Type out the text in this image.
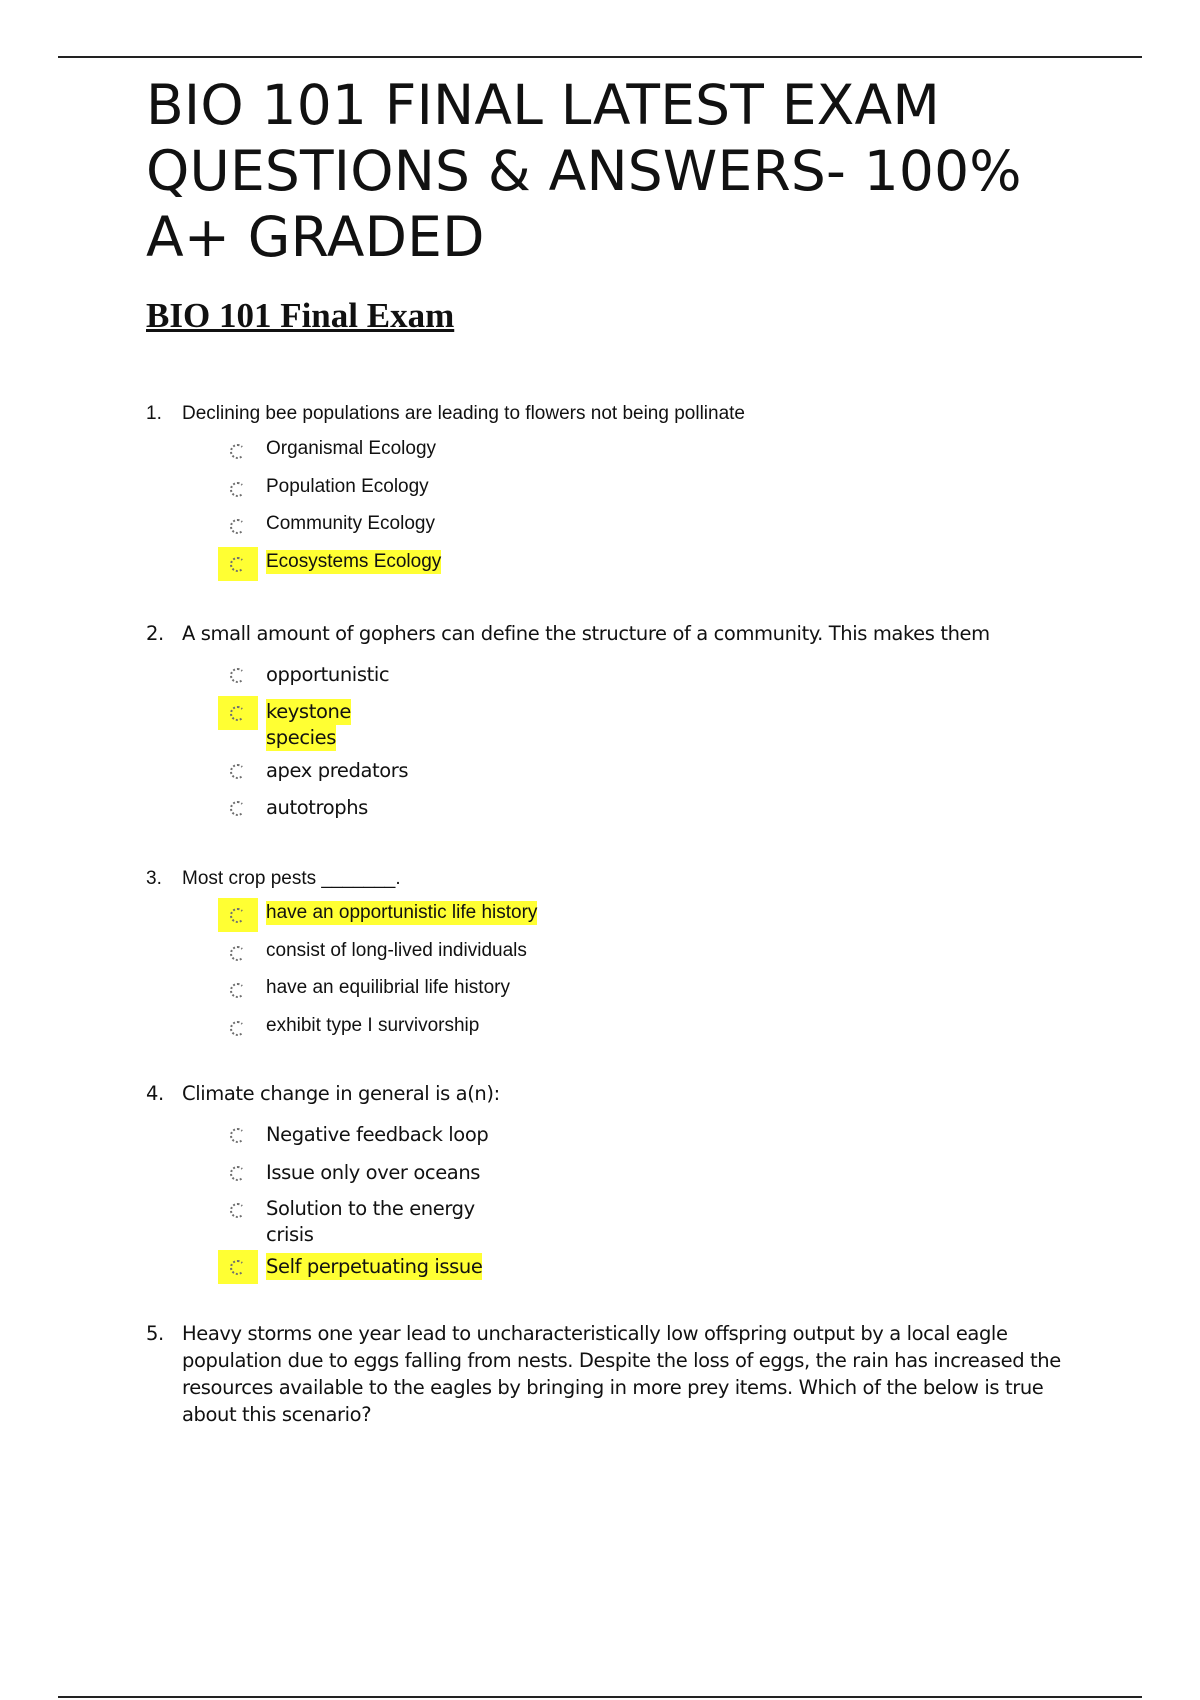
BIO 101 FINAL LATEST EXAM QUESTIONS & ANSWERS- 100% A+ GRADED
BIO 101 Final Exam
1.	Declining bee populations are leading to flowers not being pollinate
Organismal Ecology
Population Ecology
Community Ecology
Ecosystems Ecology
2. A small amount of gophers can define the structure of a community. This makes them
opportunistic
keystone
species
apex predators
autotrophs
3.	Most crop pests _______.
have an opportunistic life history
consist of long-lived individuals
have an equilibrial life history
exhibit type I survivorship
4. Climate change in general is a(n):
Negative feedback loop
Issue only over oceans
Solution to the energy
crisis
Self perpetuating issue
5. Heavy storms one year lead to uncharacteristically low offspring output by a local eagle population due to eggs falling from nests. Despite the loss of eggs, the rain has increased the resources available to the eagles by bringing in more prey items. Which of the below is true about this scenario?
